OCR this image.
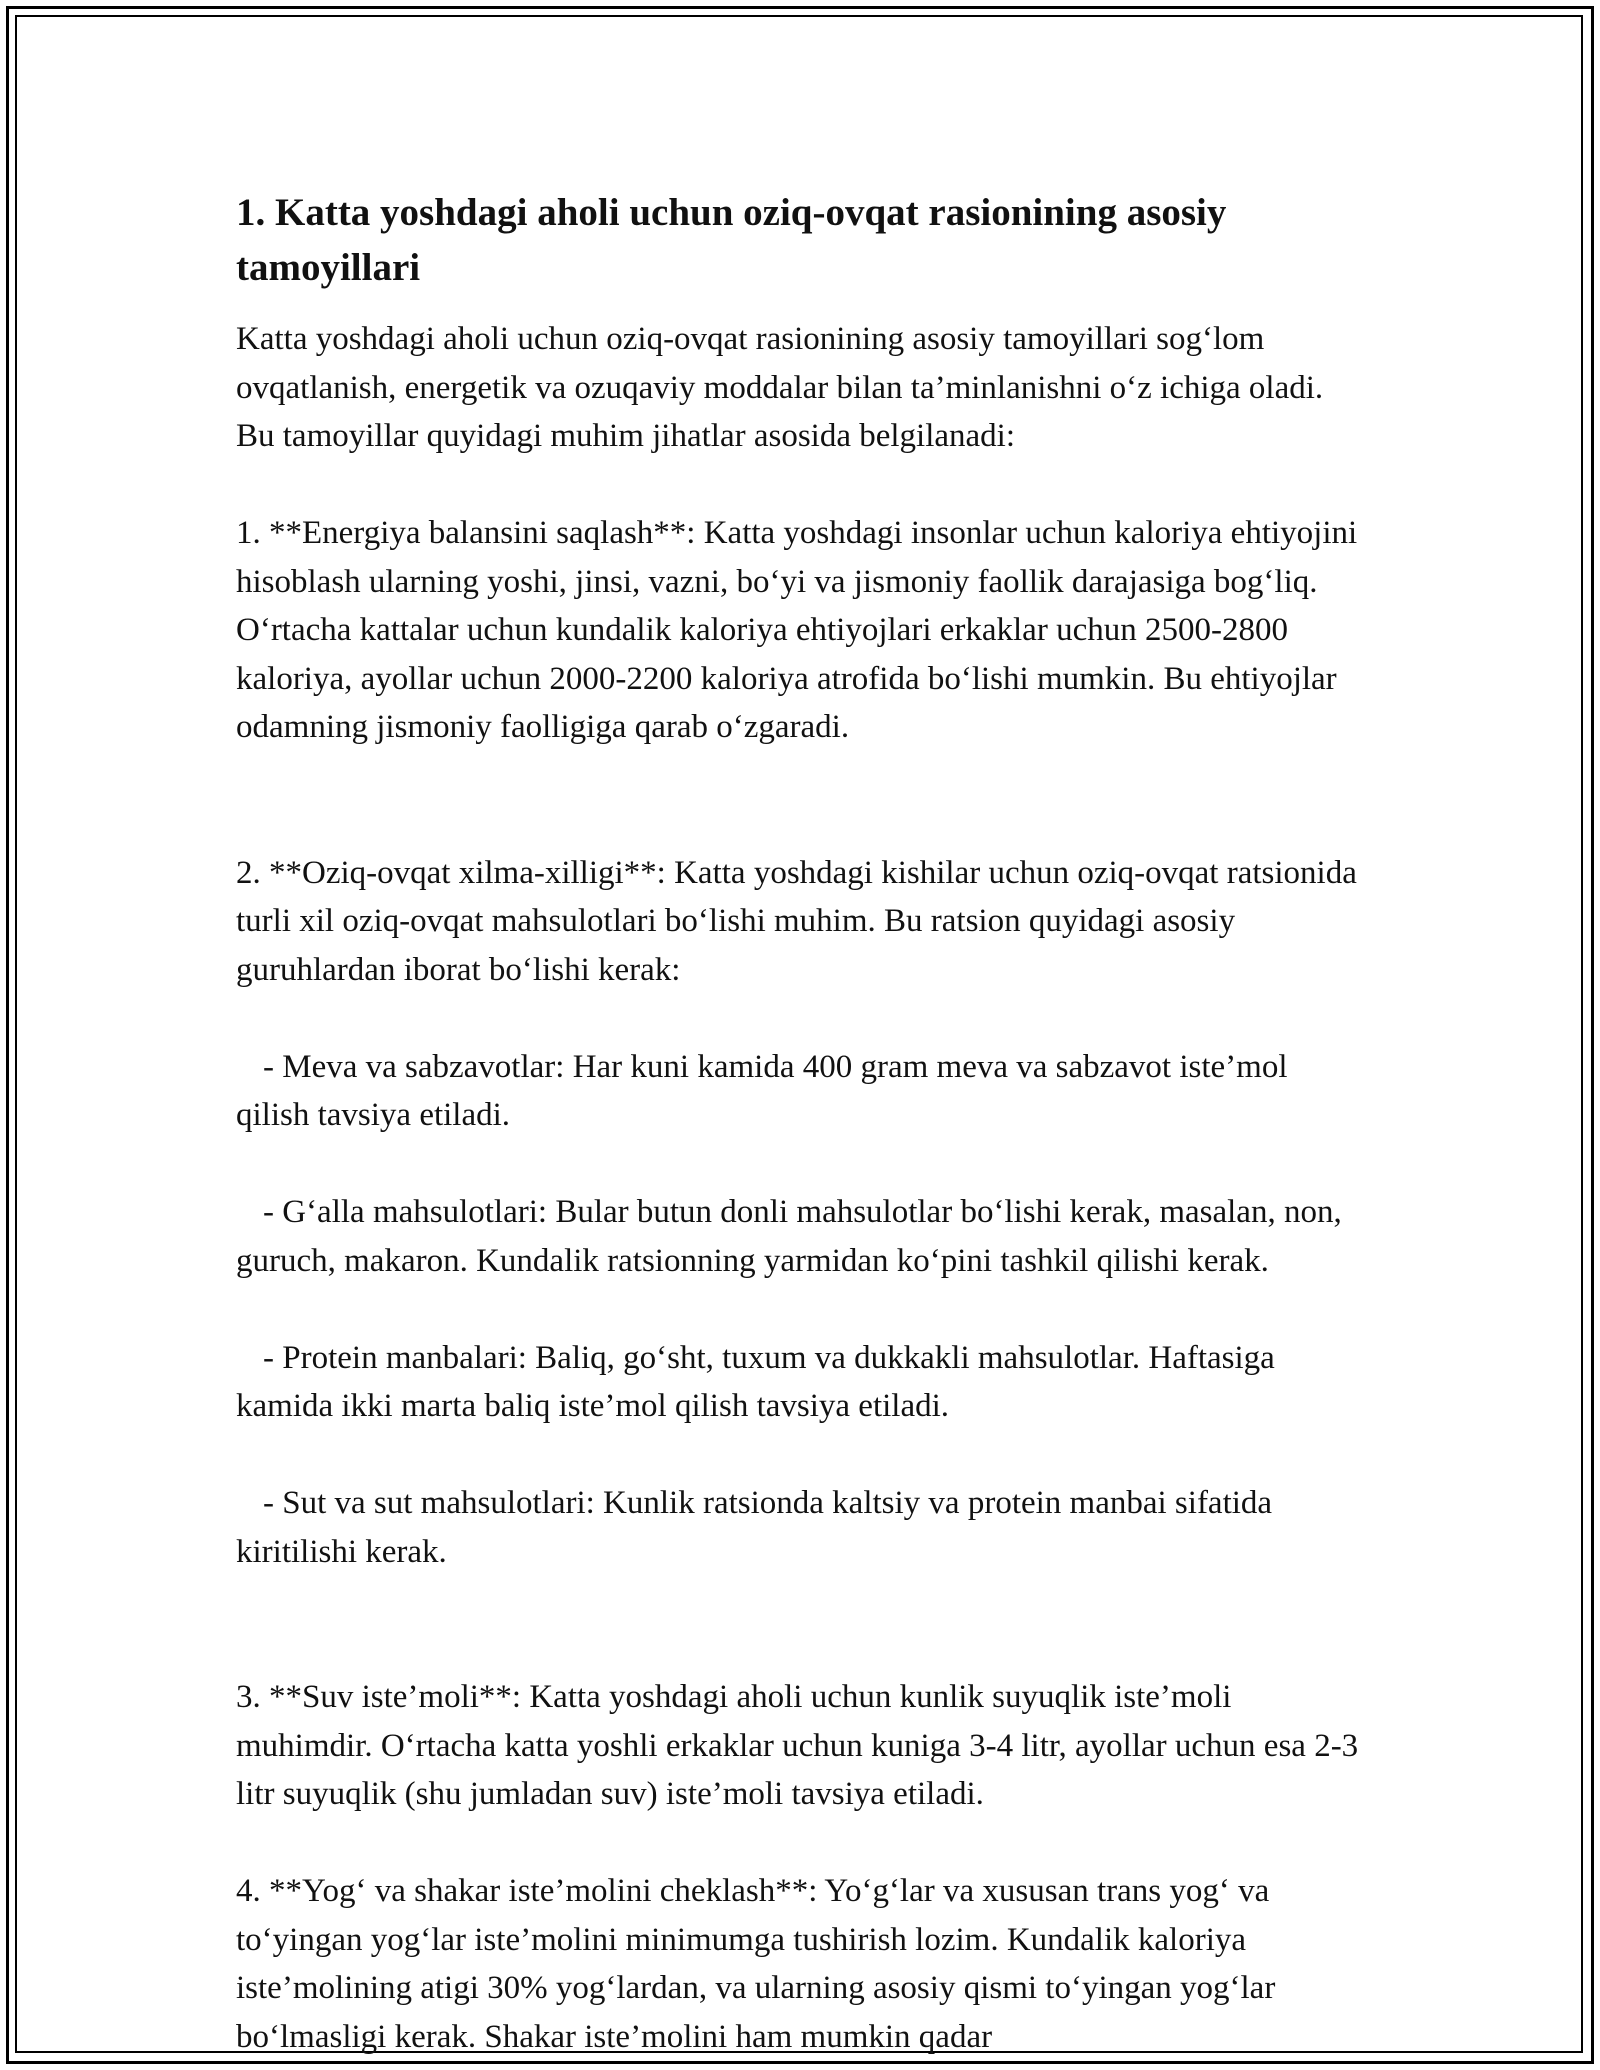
1. Katta yoshdagi aholi uchun oziq-ovqat rasionining asosiy tamoyillari

Katta yoshdagi aholi uchun oziq-ovqat rasionining asosiy tamoyillari sog‘lom ovqatlanish, energetik va ozuqaviy moddalar bilan ta’minlanishni o‘z ichiga oladi. Bu tamoyillar quyidagi muhim jihatlar asosida belgilanadi:

1. **Energiya balansini saqlash**: Katta yoshdagi insonlar uchun kaloriya ehtiyojini hisoblash ularning yoshi, jinsi, vazni, bo‘yi va jismoniy faollik darajasiga bog‘liq. O‘rtacha kattalar uchun kundalik kaloriya ehtiyojlari erkaklar uchun 2500-2800 kaloriya, ayollar uchun 2000-2200 kaloriya atrofida bo‘lishi mumkin. Bu ehtiyojlar odamning jismoniy faolligiga qarab o‘zgaradi.

2. **Oziq-ovqat xilma-xilligi**: Katta yoshdagi kishilar uchun oziq-ovqat ratsionida turli xil oziq-ovqat mahsulotlari bo‘lishi muhim. Bu ratsion quyidagi asosiy guruhlardan iborat bo‘lishi kerak:

- Meva va sabzavotlar: Har kuni kamida 400 gram meva va sabzavot iste’mol qilish tavsiya etiladi.

- G‘alla mahsulotlari: Bular butun donli mahsulotlar bo‘lishi kerak, masalan, non, guruch, makaron. Kundalik ratsionning yarmidan ko‘pini tashkil qilishi kerak.

- Protein manbalari: Baliq, go‘sht, tuxum va dukkakli mahsulotlar. Haftasiga kamida ikki marta baliq iste’mol qilish tavsiya etiladi.

- Sut va sut mahsulotlari: Kunlik ratsionda kaltsiy va protein manbai sifatida kiritilishi kerak.

3. **Suv iste’moli**: Katta yoshdagi aholi uchun kunlik suyuqlik iste’moli muhimdir. O‘rtacha katta yoshli erkaklar uchun kuniga 3-4 litr, ayollar uchun esa 2-3 litr suyuqlik (shu jumladan suv) iste’moli tavsiya etiladi.

4. **Yog‘ va shakar iste’molini cheklash**: Yo‘g‘lar va xususan trans yog‘ va to‘yingan yog‘lar iste’molini minimumga tushirish lozim. Kundalik kaloriya iste’molining atigi 30% yog‘lardan, va ularning asosiy qismi to‘yingan yog‘lar bo‘lmasligi kerak. Shakar iste’molini ham mumkin qadar
